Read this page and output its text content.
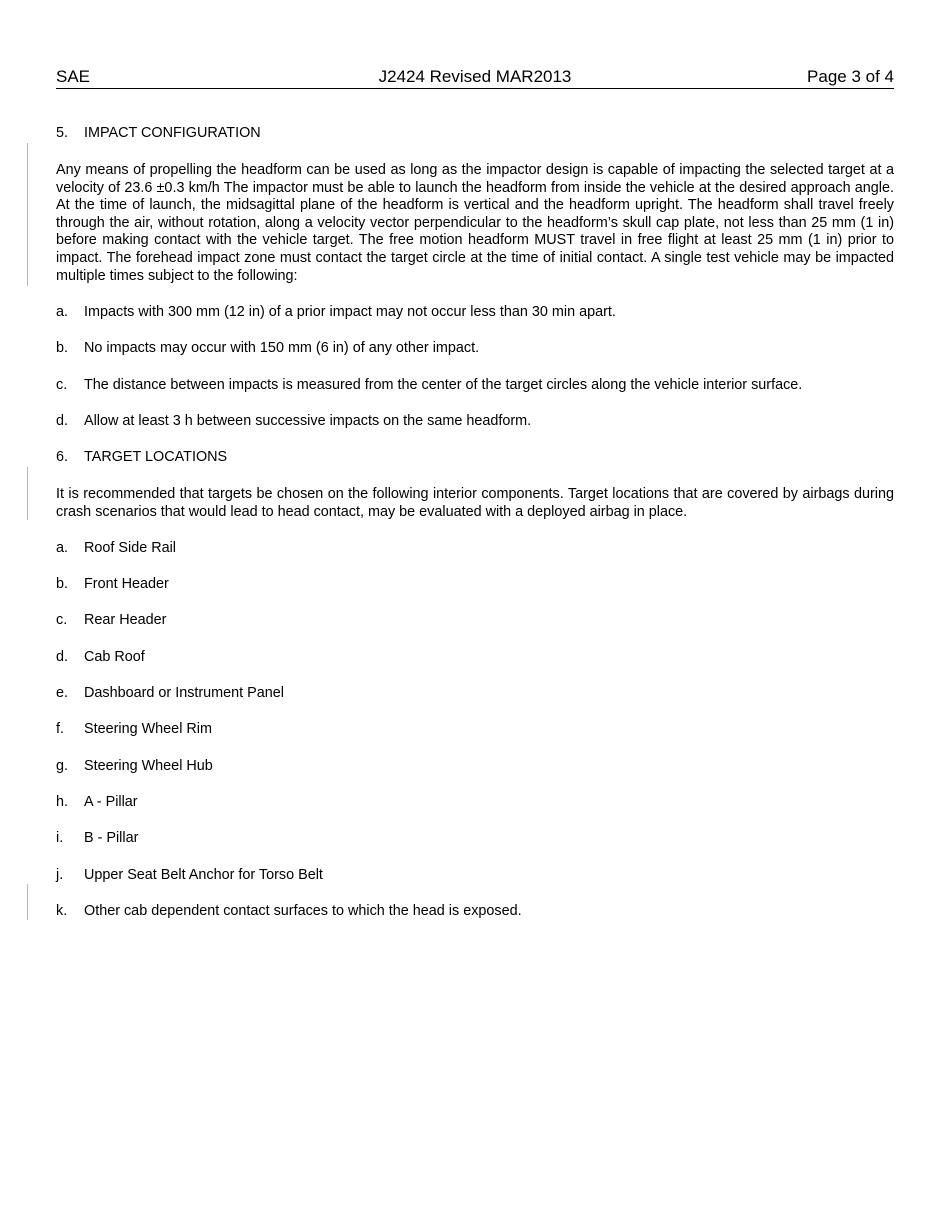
J2424 Revised MAR2013
SAE	Page 3 of 4
5. IMPACT CONFIGURATION
Any means of propelling the headform can be used as long as the impactor design is capable of impacting the selected target at a velocity of 23.6 ±0.3 km/h The impactor must be able to launch the headform from inside the vehicle at the desired approach angle. At the time of launch, the midsagittal plane of the headform is vertical and the headform upright. The headform shall travel freely through the air, without rotation, along a velocity vector perpendicular to the headform’s skull cap plate, not less than 25 mm (1 in) before making contact with the vehicle target. The free motion headform MUST travel in free flight at least 25 mm (1 in) prior to impact. The forehead impact zone must contact the target circle at the time of initial contact. A single test vehicle may be impacted multiple times subject to the following:
a. Impacts with 300 mm (12 in) of a prior impact may not occur less than 30 min apart.
b. No impacts may occur with 150 mm (6 in) of any other impact.
c. The distance between impacts is measured from the center of the target circles along the vehicle interior surface.
d. Allow at least 3 h between successive impacts on the same headform.
6. TARGET LOCATIONS
It is recommended that targets be chosen on the following interior components. Target locations that are covered by airbags during crash scenarios that would lead to head contact, may be evaluated with a deployed airbag in place.
a. Roof Side Rail
b. Front Header
c. Rear Header
d. Cab Roof
e. Dashboard or Instrument Panel
f. Steering Wheel Rim
g. Steering Wheel Hub
h. A - Pillar
i. B - Pillar
j. Upper Seat Belt Anchor for Torso Belt
k. Other cab dependent contact surfaces to which the head is exposed.
